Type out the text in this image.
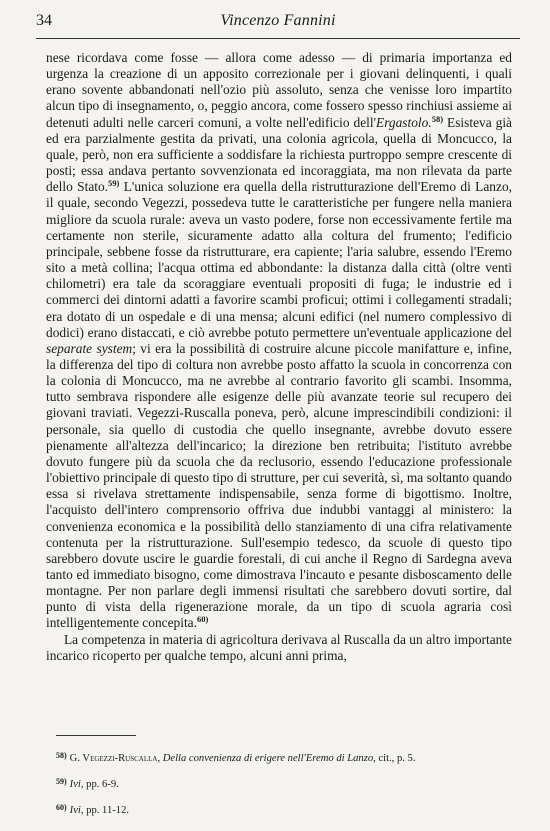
34	Vincenzo Fannini

nese ricordava come fosse — allora come adesso — di primaria importanza ed urgenza la creazione di un apposito correzionale per i giovani delinquenti, i quali erano sovente abbandonati nell'ozio più assoluto, senza che venisse loro impartito alcun tipo di insegnamento, o, peggio ancora, come fossero spesso rinchiusi assieme ai detenuti adulti nelle carceri comuni, a volte nell'edificio dell'Ergastolo.$^{58)}$ Esisteva già ed era parzialmente gestita da privati, una colonia agricola, quella di Moncucco, la quale, però, non era sufficiente a soddisfare la richiesta purtroppo sempre crescente di posti; essa andava pertanto sovvenzionata ed incoraggiata, ma non rilevata da parte dello Stato.$^{59)}$ L'unica soluzione era quella della ristrutturazione dell'Eremo di Lanzo, il quale, secondo Vegezzi, possedeva tutte le caratteristiche per fungere nella maniera migliore da scuola rurale: aveva un vasto podere, forse non eccessivamente fertile ma certamente non sterile, sicuramente adatto alla coltura del frumento; l'edificio principale, sebbene fosse da ristrutturare, era capiente; l'aria salubre, essendo l'Eremo sito a metà collina; l'acqua ottima ed abbondante: la distanza dalla città (oltre venti chilometri) era tale da scoraggiare eventuali propositi di fuga; le industrie ed i commerci dei dintorni adatti a favorire scambi proficui; ottimi i collegamenti stradali; era dotato di un ospedale e di una mensa; alcuni edifici (nel numero complessivo di dodici) erano distaccati, e ciò avrebbe potuto permettere un'eventuale applicazione del separate system; vi era la possibilità di costruire alcune piccole manifatture e, infine, la differenza del tipo di coltura non avrebbe posto affatto la scuola in concorrenza con la colonia di Moncucco, ma ne avrebbe al contrario favorito gli scambi. Insomma, tutto sembrava rispondere alle esigenze delle più avanzate teorie sul recupero dei giovani traviati. Vegezzi-Ruscalla poneva, però, alcune imprescindibili condizioni: il personale, sia quello di custodia che quello insegnante, avrebbe dovuto essere pienamente all'altezza dell'incarico; la direzione ben retribuita; l'istituto avrebbe dovuto fungere più da scuola che da reclusorio, essendo l'educazione professionale l'obiettivo principale di questo tipo di strutture, per cui severità, sì, ma soltanto quando essa si rivelava strettamente indispensabile, senza forme di bigottismo. Inoltre, l'acquisto dell'intero comprensorio offriva due indubbi vantaggi al ministero: la convenienza economica e la possibilità dello stanziamento di una cifra relativamente contenuta per la ristrutturazione. Sull'esempio tedesco, da scuole di questo tipo sarebbero dovute uscire le guardie forestali, di cui anche il Regno di Sardegna aveva tanto ed immediato bisogno, come dimostrava l'incauto e pesante disboscamento delle montagne. Per non parlare degli immensi risultati che sarebbero dovuti sortire, dal punto di vista della rigenerazione morale, da un tipo di scuola agraria così intelligentemente concepita.$^{60)}$

La competenza in materia di agricoltura derivava al Ruscalla da un altro importante incarico ricoperto per qualche tempo, alcuni anni prima,

$^{58)}$ G. Vegezzi-Ruscalla, Della convenienza di erigere nell'Eremo di Lanzo, cit., p. 5.

$^{59)}$ Ivi, pp. 6-9.

$^{60)}$ Ivi, pp. 11-12.
